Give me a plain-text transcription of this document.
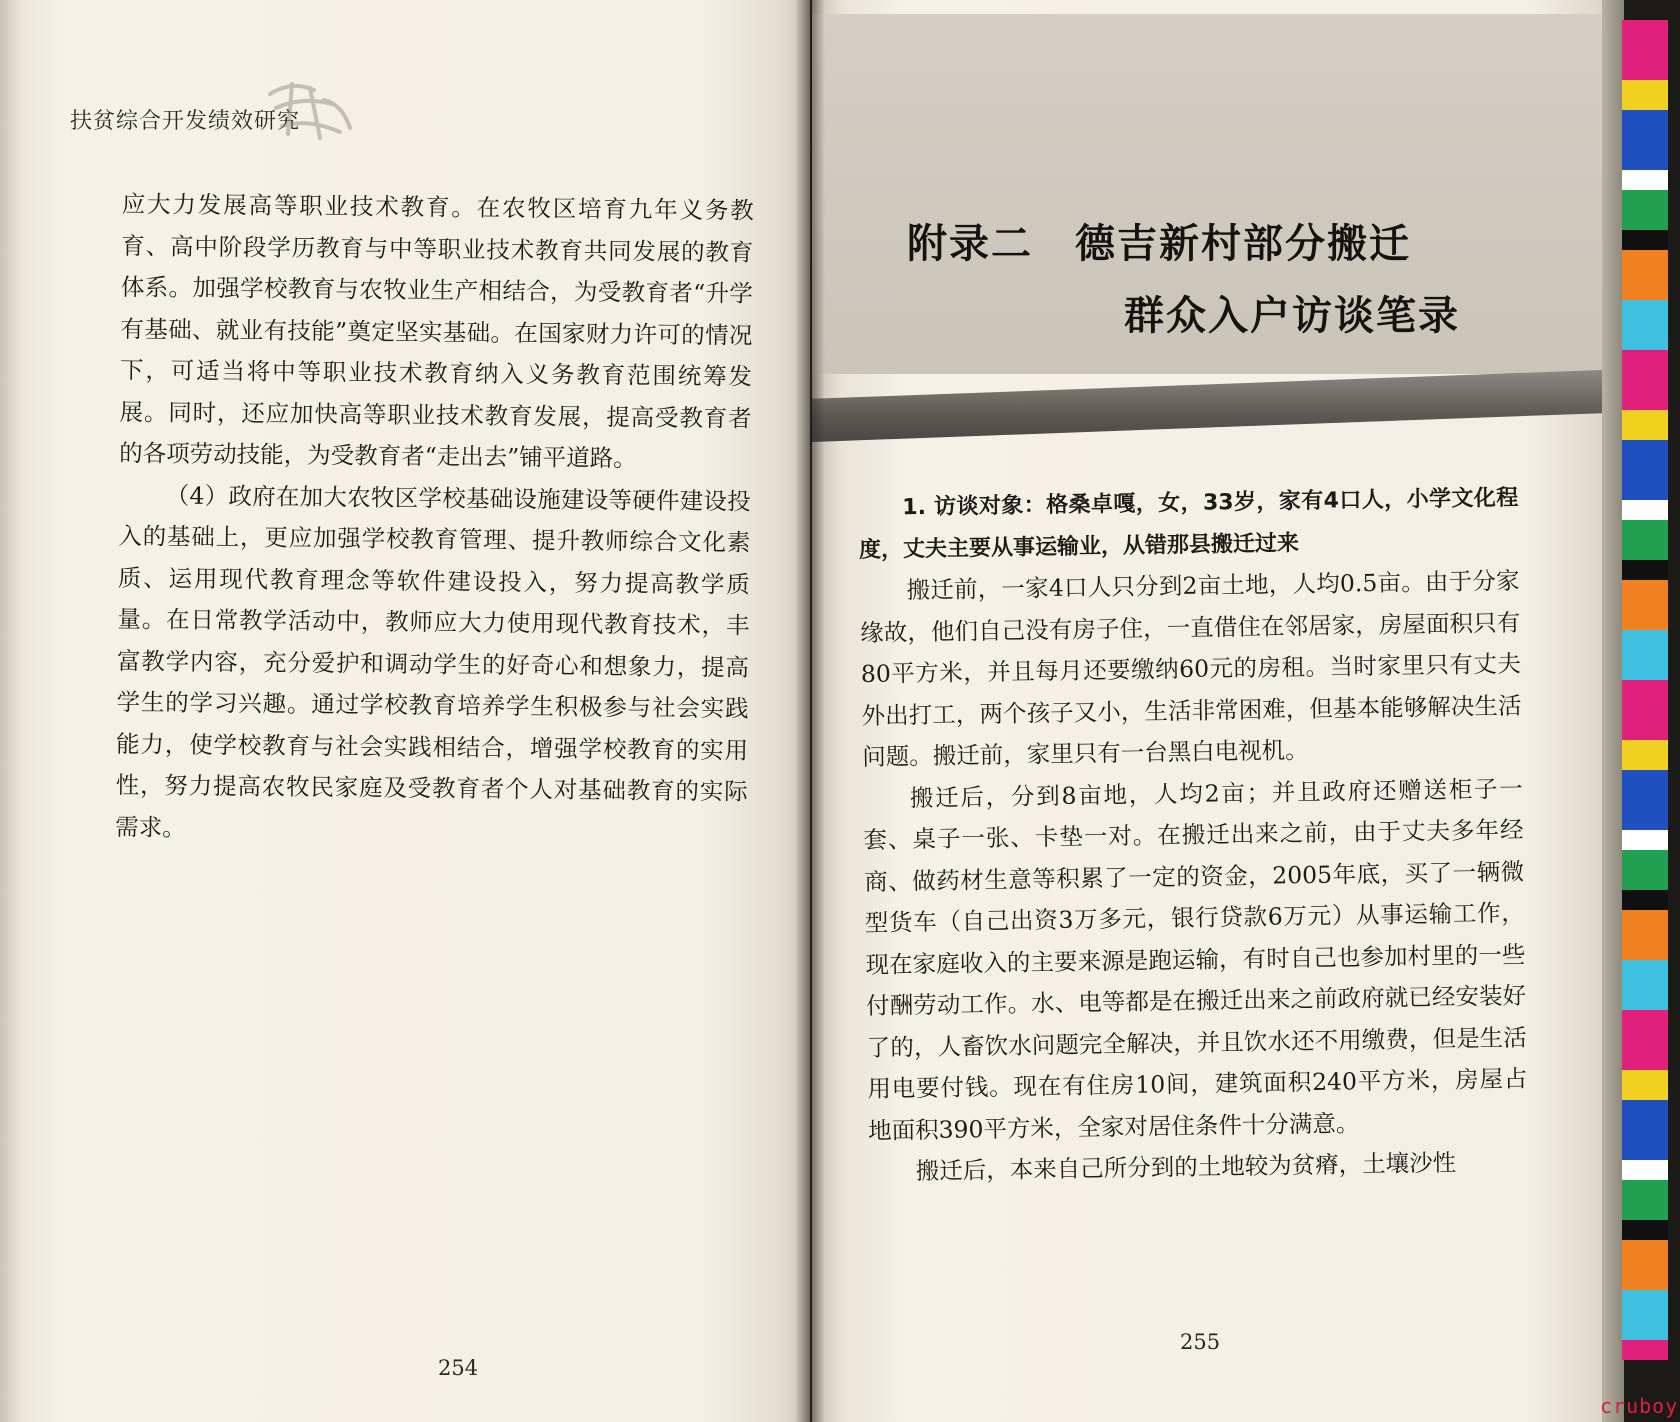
扶贫综合开发绩效研究

应大力发展高等职业技术教育。在农牧区培育九年义务教育、高中阶段学历教育与中等职业技术教育共同发展的教育体系。加强学校教育与农牧业生产相结合，为受教育者“升学有基础、就业有技能”奠定坚实基础。在国家财力许可的情况下，可适当将中等职业技术教育纳入义务教育范围统筹发展。同时，还应加快高等职业技术教育发展，提高受教育者的各项劳动技能，为受教育者“走出去”铺平道路。

（4）政府在加大农牧区学校基础设施建设等硬件建设投入的基础上，更应加强学校教育管理、提升教师综合文化素质、运用现代教育理念等软件建设投入，努力提高教学质量。在日常教学活动中，教师应大力使用现代教育技术，丰富教学内容，充分爱护和调动学生的好奇心和想象力，提高学生的学习兴趣。通过学校教育培养学生积极参与社会实践能力，使学校教育与社会实践相结合，增强学校教育的实用性，努力提高农牧民家庭及受教育者个人对基础教育的实际需求。

254
附录二　德吉新村部分搬迁
群众入户访谈笔录

1. 访谈对象：格桑卓嘎，女，33岁，家有4口人，小学文化程度，丈夫主要从事运输业，从错那县搬迁过来

搬迁前，一家4口人只分到2亩土地，人均0.5亩。由于分家缘故，他们自己没有房子住，一直借住在邻居家，房屋面积只有80平方米，并且每月还要缴纳60元的房租。当时家里只有丈夫外出打工，两个孩子又小，生活非常困难，但基本能够解决生活问题。搬迁前，家里只有一台黑白电视机。

搬迁后，分到8亩地，人均2亩；并且政府还赠送柜子一套、桌子一张、卡垫一对。在搬迁出来之前，由于丈夫多年经商、做药材生意等积累了一定的资金，2005年底，买了一辆微型货车（自己出资3万多元，银行贷款6万元）从事运输工作，现在家庭收入的主要来源是跑运输，有时自己也参加村里的一些付酬劳动工作。水、电等都是在搬迁出来之前政府就已经安装好了的，人畜饮水问题完全解决，并且饮水还不用缴费，但是生活用电要付钱。现在有住房10间，建筑面积240平方米，房屋占地面积390平方米，全家对居住条件十分满意。

搬迁后，本来自己所分到的土地较为贫瘠，土壤沙性

255
cruboy
